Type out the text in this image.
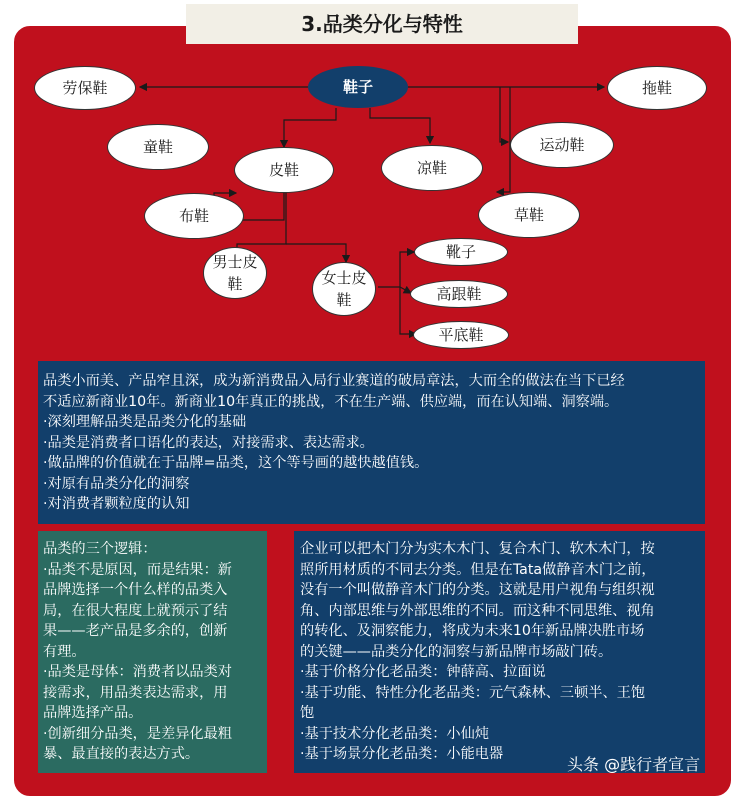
3.品类分化与特性
鞋子
劳保鞋	拖鞋
童鞋	运动鞋
皮鞋	凉鞋
布鞋	草鞋
靴子
男士皮
鞋	女士皮
鞋	高跟鞋
平底鞋
品类小而美、产品窄且深，成为新消费品入局行业赛道的破局章法，大而全的做法在当下已经
不适应新商业10年。新商业10年真正的挑战，不在生产端、供应端，而在认知端、洞察端。
·深刻理解品类是品类分化的基础
·品类是消费者口语化的表达，对接需求、表达需求。
·做品牌的价值就在于品牌=品类，这个等号画的越快越值钱。
·对原有品类分化的洞察
·对消费者颗粒度的认知
品类的三个逻辑：
·品类不是原因，而是结果：新
品牌选择一个什么样的品类入
局，在很大程度上就预示了结
果——老产品是多余的，创新
有理。
·品类是母体：消费者以品类对
接需求，用品类表达需求，用
品牌选择产品。
·创新细分品类，是差异化最粗
暴、最直接的表达方式。
企业可以把木门分为实木木门、复合木门、软木木门，按
照所用材质的不同去分类。但是在Tata做静音木门之前，
没有一个叫做静音木门的分类。这就是用户视角与组织视
角、内部思维与外部思维的不同。而这种不同思维、视角
的转化、及洞察能力，将成为未来10年新品牌决胜市场
的关键——品类分化的洞察与新品牌市场敲门砖。
·基于价格分化老品类：钟薛高、拉面说
·基于功能、特性分化老品类：元气森林、三顿半、王饱
饱
·基于技术分化老品类：小仙炖
·基于场景分化老品类：小能电器
头条 @践行者宣言
